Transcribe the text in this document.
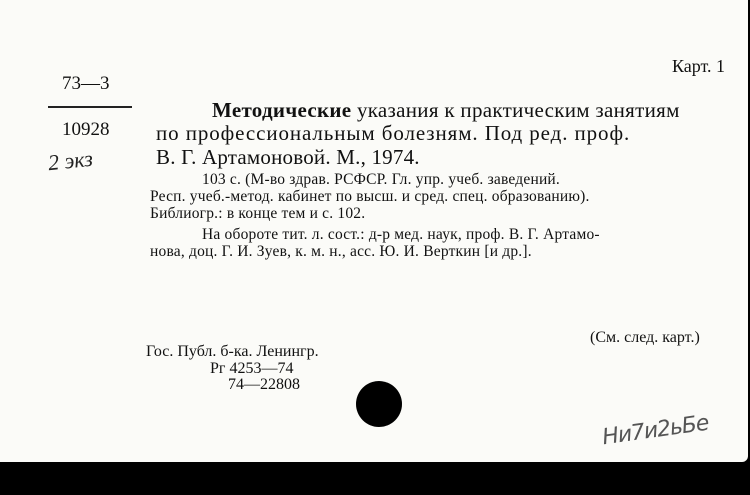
Карт. 1
73—3
10928
2 экз
Методические указания к практическим занятиям
по профессиональным болезням. Под ред. проф.
В. Г. Артамоновой. М., 1974.
103 с. (М-во здрав. РСФСР. Гл. упр. учеб. заведений.
Респ. учеб.-метод. кабинет по высш. и сред. спец. образованию).
Библиогр.: в конце тем и с. 102.
На обороте тит. л. сост.: д-р мед. наук, проф. В. Г. Артамо-
нова, доц. Г. И. Зуев, к. м. н., асс. Ю. И. Верткин [и др.].
(См. след. карт.)
Гос. Публ. б-ка. Ленингр.
Рг 4253—74
74—22808
Ни7и2ьБе
